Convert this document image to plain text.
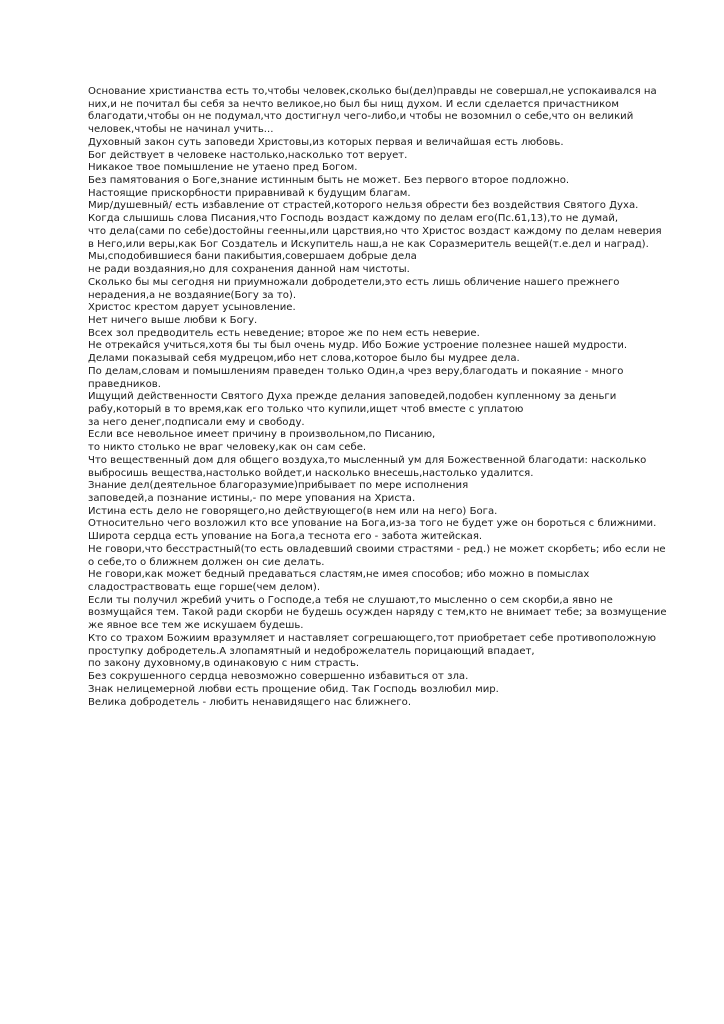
Основание христианства есть то,чтобы человек,сколько бы(дел)правды не совершал,не успокаивался на
них,и не почитал бы себя за нечто великое,но был бы нищ духом. И если сделается причастником
благодати,чтобы он не подумал,что достигнул чего-либо,и чтобы не возомнил о себе,что он великий
человек,чтобы не начинал учить...
Духовный закон суть заповеди Христовы,из которых первая и величайшая есть любовь.
Бог действует в человеке настолько,насколько тот верует.
Никакое твое помышление не утаено пред Богом.
Без памятования о Боге,знание истинным быть не может. Без первого второе подложно.
Настоящие прискорбности приравнивай к будущим благам.
Мир/душевный/ есть избавление от страстей,которого нельзя обрести без воздействия Святого Духа.
Когда слышишь слова Писания,что Господь воздаст каждому по делам его(Пс.61,13),то не думай,
что дела(сами по себе)достойны геенны,или царствия,но что Христос воздаст каждому по делам неверия
в Него,или веры,как Бог Создатель и Искупитель наш,а не как Соразмеритель вещей(т.е.дел и наград).
Мы,сподобившиеся бани пакибытия,совершаем добрые дела
не ради воздаяния,но для сохранения данной нам чистоты.
Сколько бы мы сегодня ни приумножали добродетели,это есть лишь обличение нашего прежнего
нерадения,а не воздаяние(Богу за то).
Христос крестом дарует усыновление.
Нет ничего выше любви к Богу.
Всех зол предводитель есть неведение; второе же по нем есть неверие.
Не отрекайся учиться,хотя бы ты был очень мудр. Ибо Божие устроение полезнее нашей мудрости.
Делами показывай себя мудрецом,ибо нет слова,которое было бы мудрее дела.
По делам,словам и помышлениям праведен только Один,а чрез веру,благодать и покаяние - много
праведников.
Ищущий действенности Святого Духа прежде делания заповедей,подобен купленному за деньги
рабу,который в то время,как его только что купили,ищет чтоб вместе с уплатою
за него денег,подписали ему и свободу.
Если все невольное имеет причину в произвольном,по Писанию,
то никто столько не враг человеку,как он сам себе.
Что вещественный дом для общего воздуха,то мысленный ум для Божественной благодати: насколько
выбросишь вещества,настолько войдет,и насколько внесешь,настолько удалится.
Знание дел(деятельное благоразумие)прибывает по мере исполнения
заповедей,а познание истины,- по мере упования на Христа.
Истина есть дело не говорящего,но действующего(в нем или на него) Бога.
Относительно чего возложил кто все упование на Бога,из-за того не будет уже он бороться с ближними.
Широта сердца есть упование на Бога,а теснота его - забота житейская.
Не говори,что бесстрастный(то есть овладевший своими страстями - ред.) не может скорбеть; ибо если не
о себе,то о ближнем должен он сие делать.
Не говори,как может бедный предаваться сластям,не имея способов; ибо можно в помыслах
сладостраствовать еще горше(чем делом).
Если ты получил жребий учить о Господе,а тебя не слушают,то мысленно о сем скорби,а явно не
возмущайся тем. Такой ради скорби не будешь осужден наряду с тем,кто не внимает тебе; за возмущение
же явное все тем же искушаем будешь.
Кто со трахом Божиим вразумляет и наставляет согрешающего,тот приобретает себе противоположную
проступку добродетель.А злопамятный и недоброжелатель порицающий впадает,
по закону духовному,в одинаковую с ним страсть.
Без сокрушенного сердца невозможно совершенно избавиться от зла.
Знак нелицемерной любви есть прощение обид. Так Господь возлюбил мир.
Велика добродетель - любить ненавидящего нас ближнего.
